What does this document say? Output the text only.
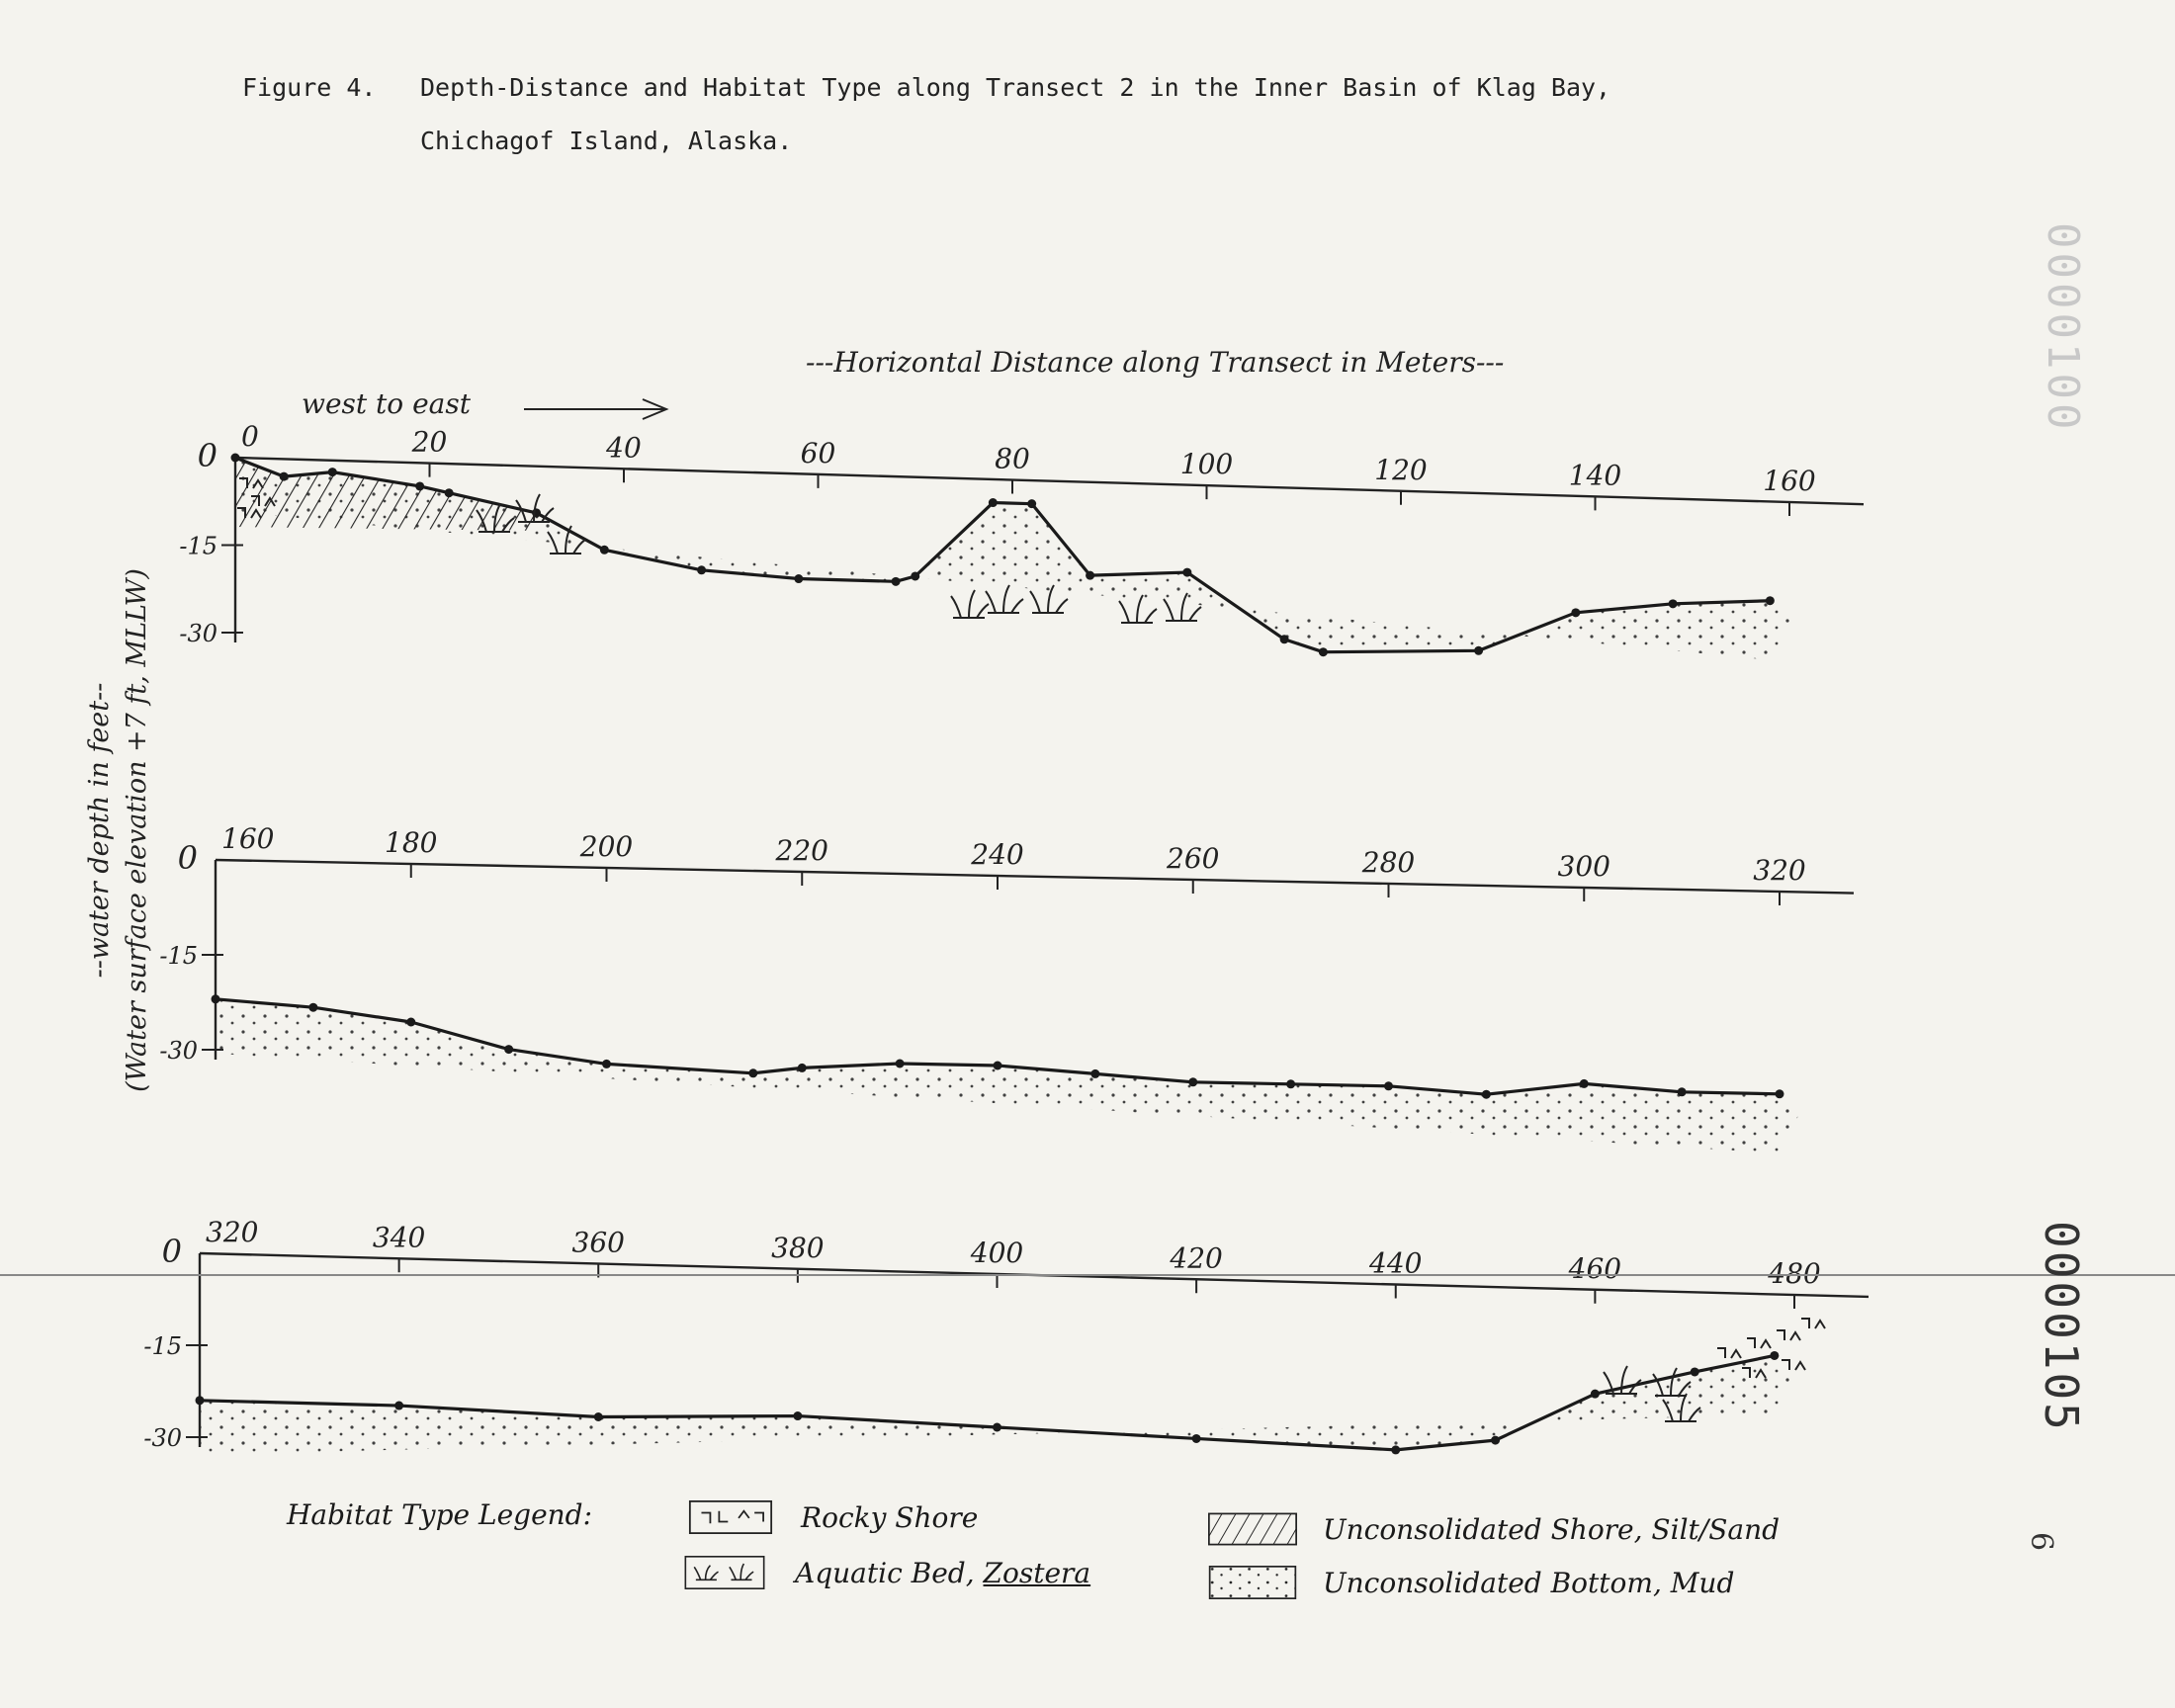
Figure 4. Depth-Distance and Habitat Type along Transect 2 in the Inner Basin of Klag Bay,
Chichagof Island, Alaska.
---Horizontal Distance along Transect in Meters---
west to east
--water depth in feet-- (Water surface elevation +7 ft, MLLW)
0	20	40	60	80	100	120	140	160
0
-15
-30
160	180	200	220	240	260	280	300	320
0
-15
-30
320	340	360	380	400	420	440	460	480
0
-15
-30
0000100
0000105
6
Habitat Type Legend:	Rocky Shore
Aquatic Bed, Zostera
Unconsolidated Shore, Silt/Sand
Unconsolidated Bottom, Mud
